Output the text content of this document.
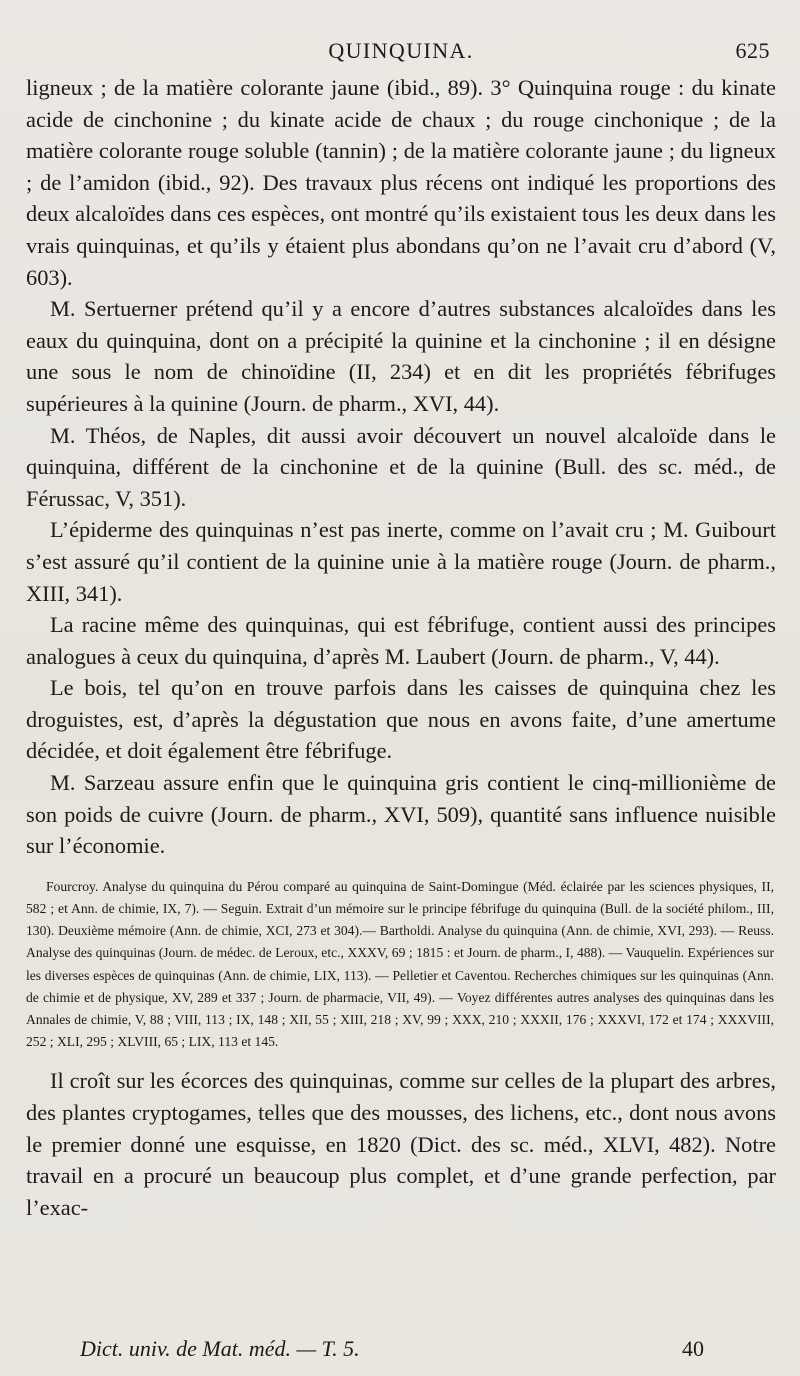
QUINQUINA.	625

ligneux ; de la matière colorante jaune (ibid., 89). 3° Quinquina rouge : du kinate acide de cinchonine ; du kinate acide de chaux ; du rouge cinchonique ; de la matière colorante rouge soluble (tannin) ; de la matière colorante jaune ; du ligneux ; de l’amidon (ibid., 92). Des travaux plus récens ont indiqué les proportions des deux alcaloïdes dans ces espèces, ont montré qu’ils existaient tous les deux dans les vrais quinquinas, et qu’ils y étaient plus abondans qu’on ne l’avait cru d’abord (V, 603).

M. Sertuerner prétend qu’il y a encore d’autres substances alcaloïdes dans les eaux du quinquina, dont on a précipité la quinine et la cinchonine ; il en désigne une sous le nom de chinoïdine (II, 234) et en dit les propriétés fébrifuges supérieures à la quinine (Journ. de pharm., XVI, 44).

M. Théos, de Naples, dit aussi avoir découvert un nouvel alcaloïde dans le quinquina, différent de la cinchonine et de la quinine (Bull. des sc. méd., de Férussac, V, 351).

L’épiderme des quinquinas n’est pas inerte, comme on l’avait cru ; M. Guibourt s’est assuré qu’il contient de la quinine unie à la matière rouge (Journ. de pharm., XIII, 341).

La racine même des quinquinas, qui est fébrifuge, contient aussi des principes analogues à ceux du quinquina, d’après M. Laubert (Journ. de pharm., V, 44).

Le bois, tel qu’on en trouve parfois dans les caisses de quinquina chez les droguistes, est, d’après la dégustation que nous en avons faite, d’une amertume décidée, et doit également être fébrifuge.

M. Sarzeau assure enfin que le quinquina gris contient le cinq-millionième de son poids de cuivre (Journ. de pharm., XVI, 509), quantité sans influence nuisible sur l’économie.

Fourcroy. Analyse du quinquina du Pérou comparé au quinquina de Saint-Domingue (Méd. éclairée par les sciences physiques, II, 582 ; et Ann. de chimie, IX, 7). — Seguin. Extrait d’un mémoire sur le principe fébrifuge du quinquina (Bull. de la société philom., III, 130). Deuxième mémoire (Ann. de chimie, XCI, 273 et 304).— Bartholdi. Analyse du quinquina (Ann. de chimie, XVI, 293). — Reuss. Analyse des quinquinas (Journ. de médec. de Leroux, etc., XXXV, 69 ; 1815 : et Journ. de pharm., I, 488). — Vauquelin. Expériences sur les diverses espèces de quinquinas (Ann. de chimie, LIX, 113). — Pelletier et Caventou. Recherches chimiques sur les quinquinas (Ann. de chimie et de physique, XV, 289 et 337 ; Journ. de pharmacie, VII, 49). — Voyez différentes autres analyses des quinquinas dans les Annales de chimie, V, 88 ; VIII, 113 ; IX, 148 ; XII, 55 ; XIII, 218 ; XV, 99 ; XXX, 210 ; XXXII, 176 ; XXXVI, 172 et 174 ; XXXVIII, 252 ; XLI, 295 ; XLVIII, 65 ; LIX, 113 et 145.

Il croît sur les écorces des quinquinas, comme sur celles de la plupart des arbres, des plantes cryptogames, telles que des mousses, des lichens, etc., dont nous avons le premier donné une esquisse, en 1820 (Dict. des sc. méd., XLVI, 482). Notre travail en a procuré un beaucoup plus complet, et d’une grande perfection, par l’exac-

Dict. univ. de Mat. méd. — T. 5.	40
